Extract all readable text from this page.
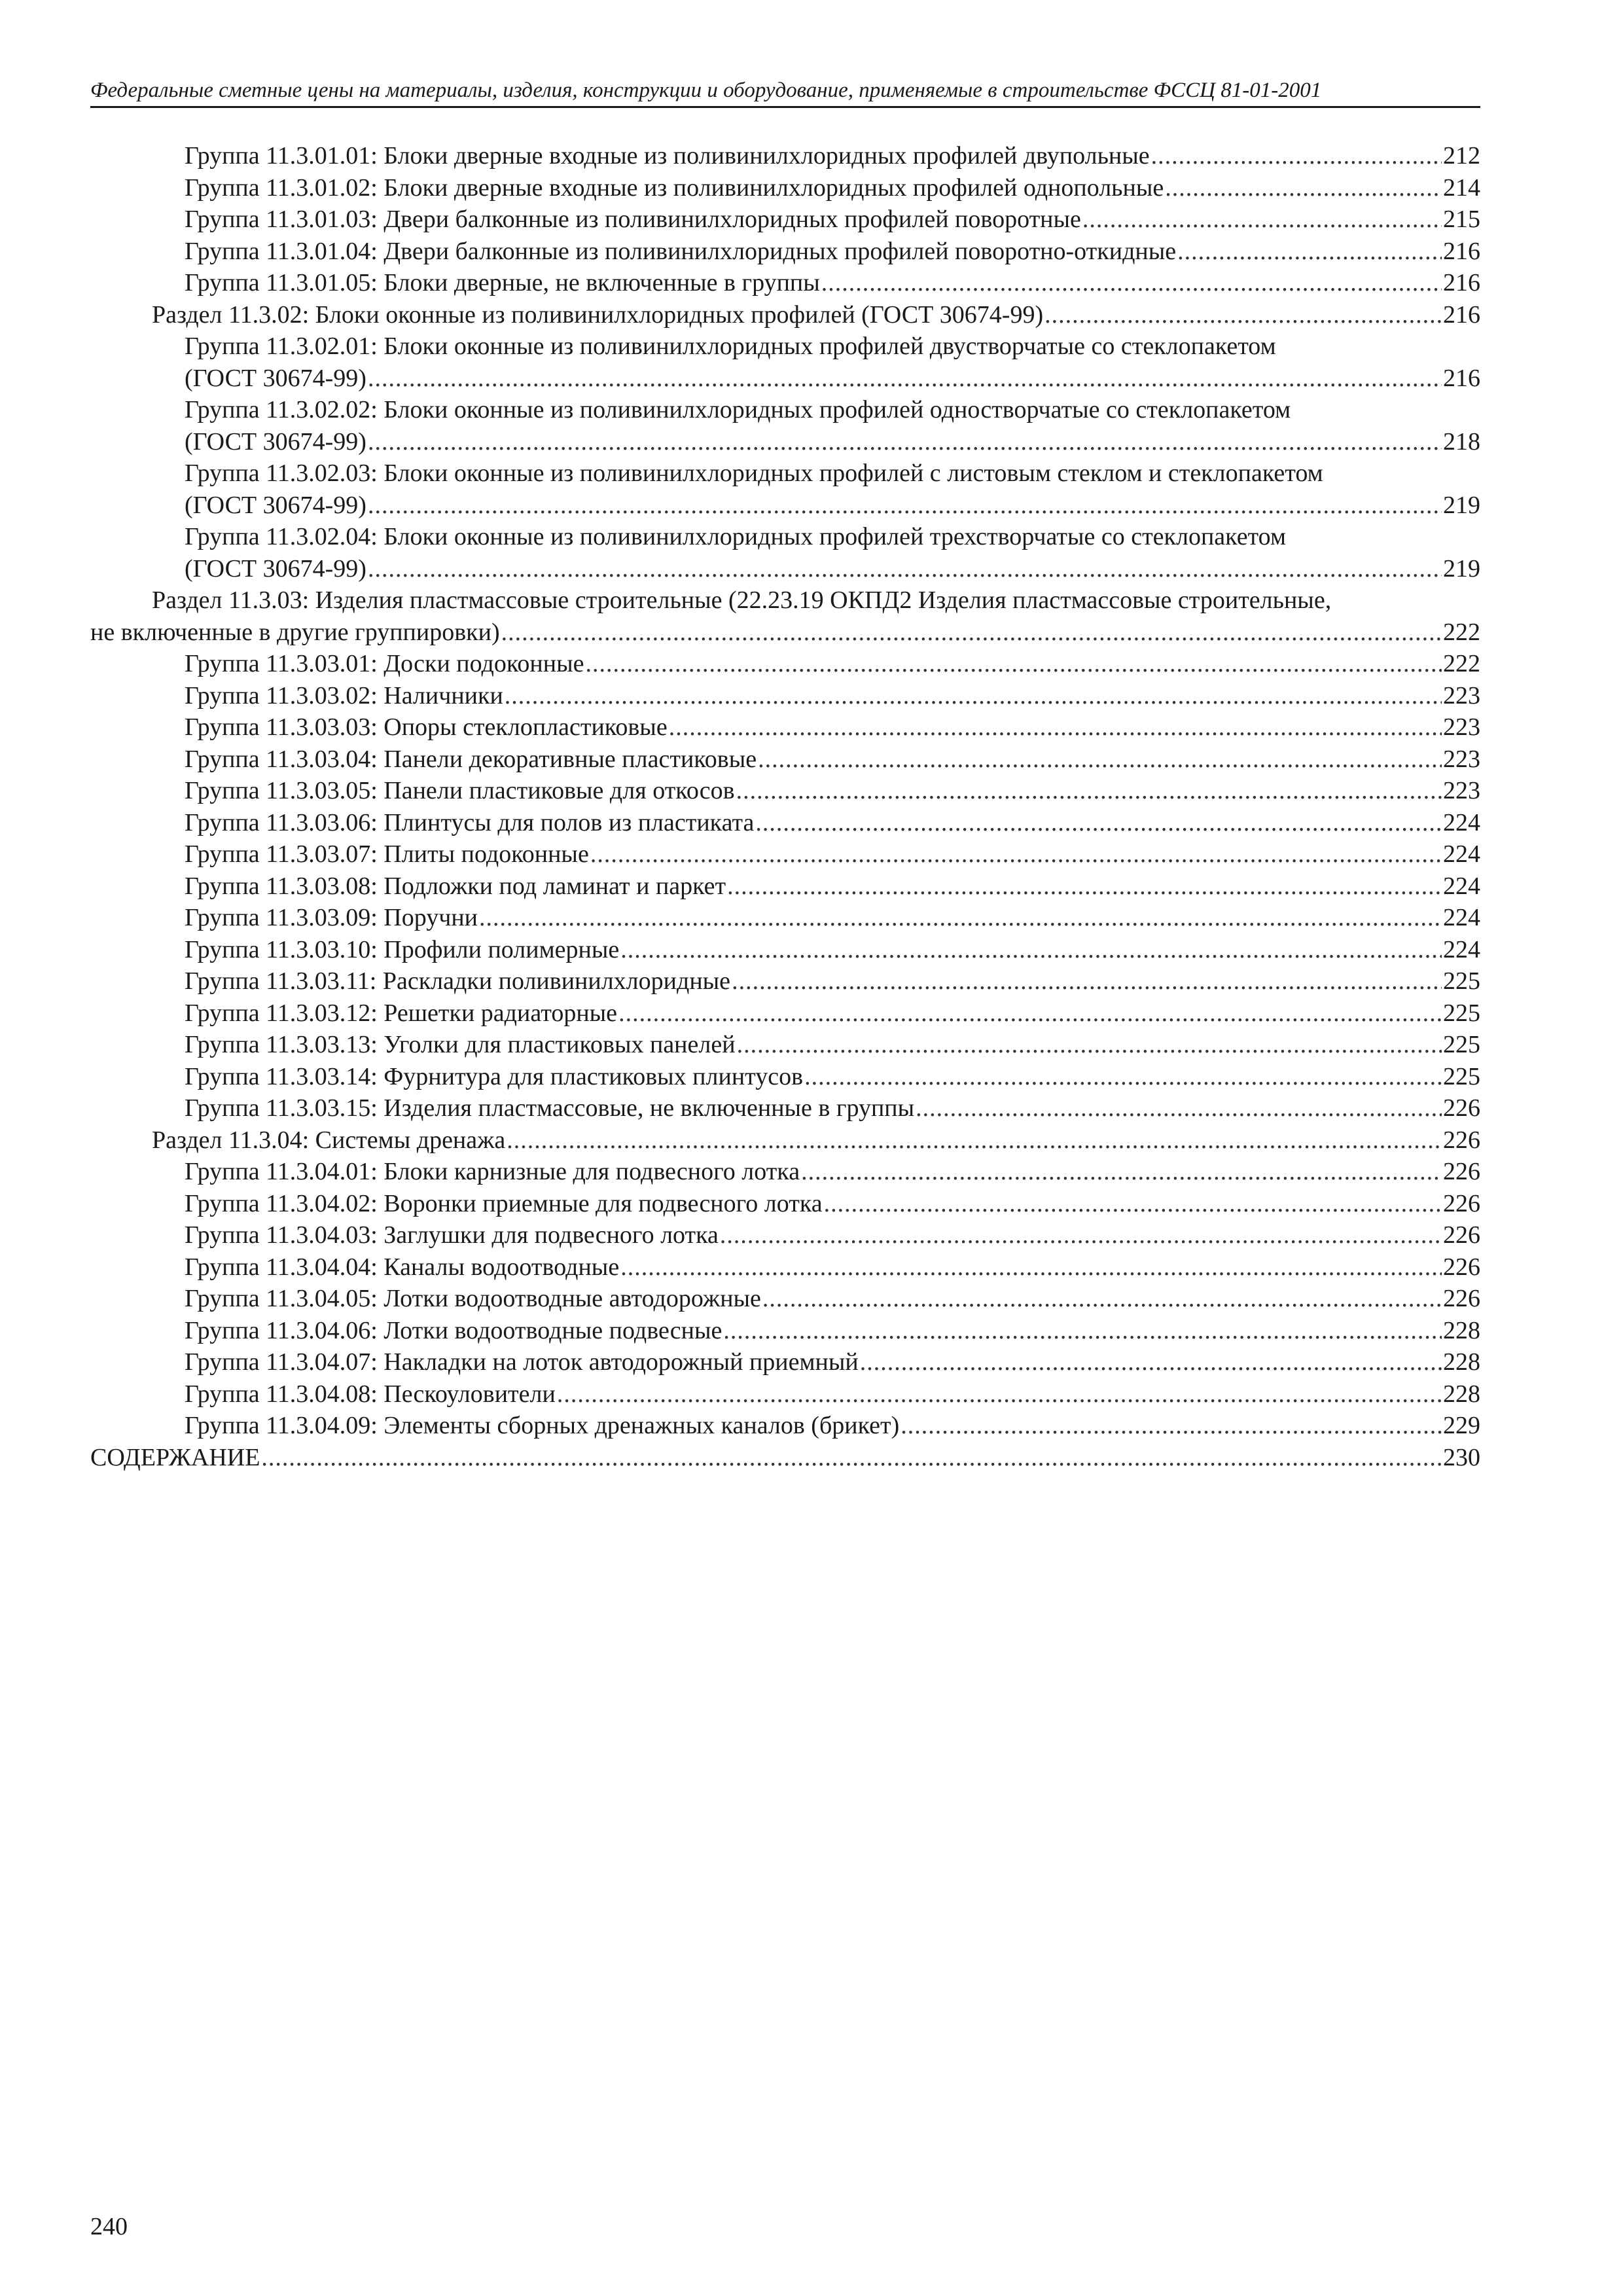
Федеральные сметные цены на материалы, изделия, конструкции и оборудование, применяемые в строительстве ФССЦ 81-01-2001
Группа 11.3.01.01: Блоки дверные входные из поливинилхлоридных профилей двупольные .....	212
Группа 11.3.01.02: Блоки дверные входные из поливинилхлоридных профилей однопольные .....	214
Группа 11.3.01.03: Двери балконные из поливинилхлоридных профилей поворотные .....	215
Группа 11.3.01.04: Двери балконные из поливинилхлоридных профилей поворотно-откидные .....	216
Группа 11.3.01.05: Блоки дверные, не включенные в группы .....	216
Раздел 11.3.02: Блоки оконные из поливинилхлоридных профилей (ГОСТ 30674-99) .....	216
Группа 11.3.02.01: Блоки оконные из поливинилхлоридных профилей двустворчатые со стеклопакетом
(ГОСТ 30674-99) .....	216
Группа 11.3.02.02: Блоки оконные из поливинилхлоридных профилей одностворчатые со стеклопакетом
(ГОСТ 30674-99) .....	218
Группа 11.3.02.03: Блоки оконные из поливинилхлоридных профилей с листовым стеклом и стеклопакетом
(ГОСТ 30674-99) .....	219
Группа 11.3.02.04: Блоки оконные из поливинилхлоридных профилей трехстворчатые со стеклопакетом
(ГОСТ 30674-99) .....	219
Раздел 11.3.03: Изделия пластмассовые строительные (22.23.19 ОКПД2 Изделия пластмассовые строительные,
не включенные в другие группировки) .....	222
Группа 11.3.03.01: Доски подоконные .....	222
Группа 11.3.03.02: Наличники .....	223
Группа 11.3.03.03: Опоры стеклопластиковые .....	223
Группа 11.3.03.04: Панели декоративные пластиковые .....	223
Группа 11.3.03.05: Панели пластиковые для откосов .....	223
Группа 11.3.03.06: Плинтусы для полов из пластиката .....	224
Группа 11.3.03.07: Плиты подоконные .....	224
Группа 11.3.03.08: Подложки под ламинат и паркет .....	224
Группа 11.3.03.09: Поручни .....	224
Группа 11.3.03.10: Профили полимерные .....	224
Группа 11.3.03.11: Раскладки поливинилхлоридные .....	225
Группа 11.3.03.12: Решетки радиаторные .....	225
Группа 11.3.03.13: Уголки для пластиковых панелей .....	225
Группа 11.3.03.14: Фурнитура для пластиковых плинтусов .....	225
Группа 11.3.03.15: Изделия пластмассовые, не включенные в группы .....	226
Раздел 11.3.04: Системы дренажа .....	226
Группа 11.3.04.01: Блоки карнизные для подвесного лотка .....	226
Группа 11.3.04.02: Воронки приемные для подвесного лотка .....	226
Группа 11.3.04.03: Заглушки для подвесного лотка .....	226
Группа 11.3.04.04: Каналы водоотводные .....	226
Группа 11.3.04.05: Лотки водоотводные автодорожные .....	226
Группа 11.3.04.06: Лотки водоотводные подвесные .....	228
Группа 11.3.04.07: Накладки на лоток автодорожный приемный .....	228
Группа 11.3.04.08: Пескоуловители .....	228
Группа 11.3.04.09: Элементы сборных дренажных каналов (брикет) .....	229
СОДЕРЖАНИЕ .....	230
240
